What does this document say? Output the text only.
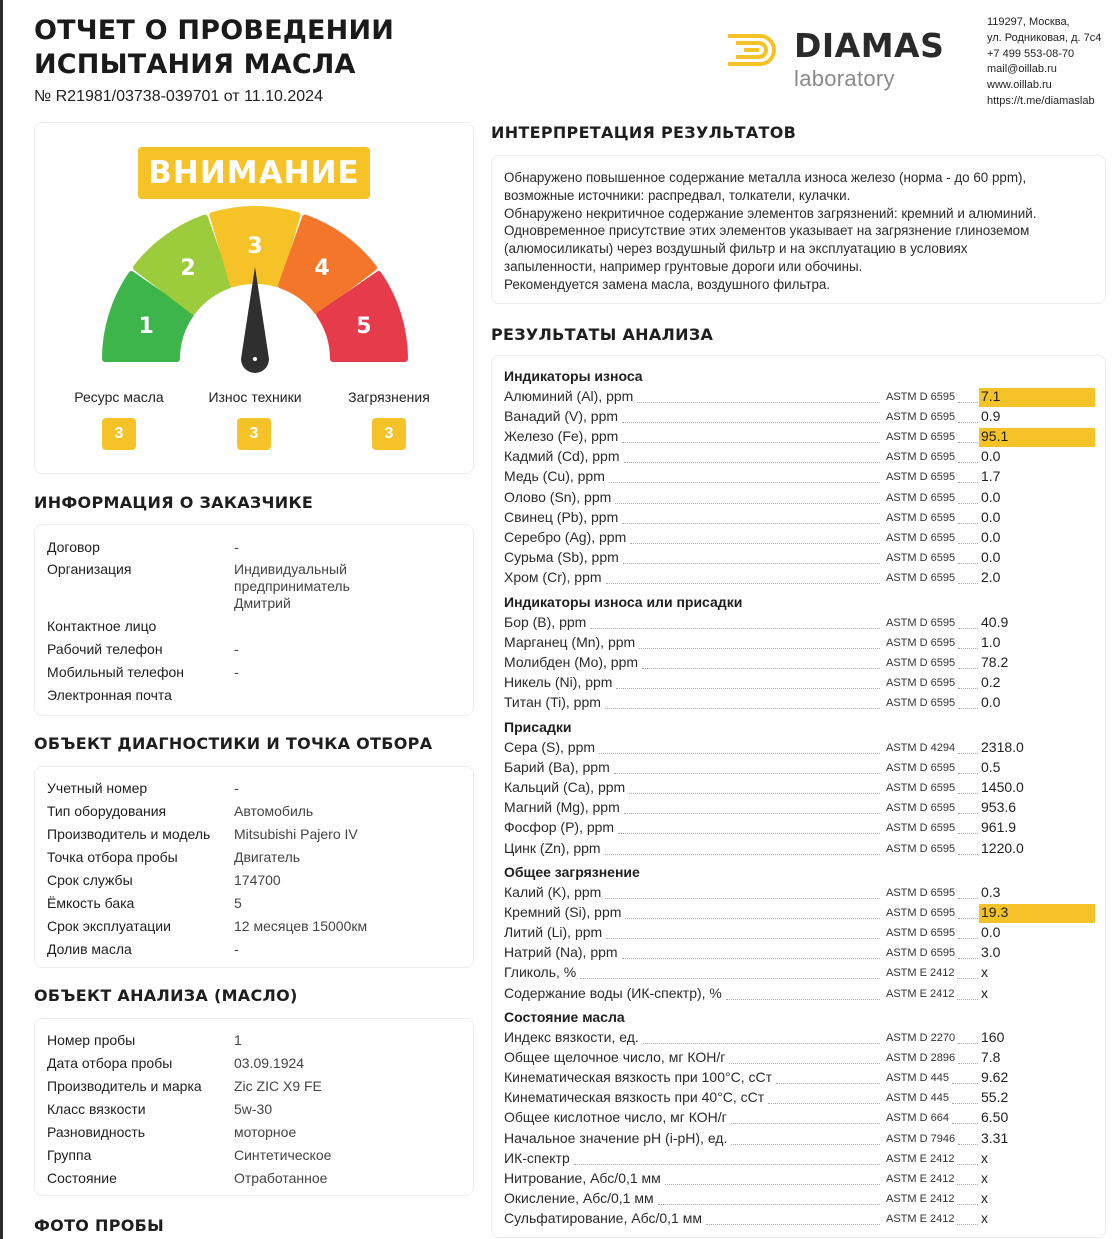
ОТЧЕТ О ПРОВЕДЕНИИ
ИСПЫТАНИЯ МАСЛА
№ R21981/03738-039701 от 11.10.2024
DIAMAS
laboratory
119297, Москва,
ул. Родниковая, д. 7с4
+7 499 553-08-70
mail@oillab.ru
www.oillab.ru
https://t.me/diamaslab
ВНИМАНИЕ
1
2
3
4
5
Ресурс масла	Износ техники	Загрязнения
3	3	3
ИНФОРМАЦИЯ О ЗАКАЗЧИКЕ
Договор	-
Организация	Индивидуальный
предприниматель
Дмитрий
Контактное лицо
Рабочий телефон	-
Мобильный телефон	-
Электронная почта
ОБЪЕКТ ДИАГНОСТИКИ И ТОЧКА ОТБОРА
Учетный номер	-
Тип оборудования	Автомобиль
Производитель и модель Mitsubishi Pajero IV
Точка отбора пробы	Двигатель
Срок службы	174700
Ёмкость бака	5
Срок эксплуатации	12 месяцев 15000км
Долив масла	-
ОБЪЕКТ АНАЛИЗА (МАСЛО)
Номер пробы	1
Дата отбора пробы	03.09.1924
Производитель и марка Zic ZIC X9 FE
Класс вязкости	5w-30
Разновидность	моторное
Группа	Синтетическое
Состояние	Отработанное
ФОТО ПРОБЫ
ИНТЕРПРЕТАЦИЯ РЕЗУЛЬТАТОВ
Обнаружено повышенное содержание металла износа железо (норма - до 60 ppm),
возможные источники: распредвал, толкатели, кулачки.
Обнаружено некритичное содержание элементов загрязнений: кремний и алюминий.
Одновременное присутствие этих элементов указывает на загрязнение глиноземом
(алюмосиликаты) через воздушный фильтр и на эксплуатацию в условиях
запыленности, например грунтовые дороги или обочины.
Рекомендуется замена масла, воздушного фильтра.
РЕЗУЛЬТАТЫ АНАЛИЗА
Индикаторы износа
Алюминий (Al), ppm	ASTM D 6595 7.1
Ванадий (V), ppm	ASTM D 6595 0.9
Железо (Fe), ppm	ASTM D 6595 95.1
Кадмий (Cd), ppm	ASTM D 6595 0.0
Медь (Cu), ppm	ASTM D 6595 1.7
Олово (Sn), ppm	ASTM D 6595 0.0
Свинец (Pb), ppm	ASTM D 6595 0.0
Серебро (Ag), ppm	ASTM D 6595 0.0
Сурьма (Sb), ppm	ASTM D 6595 0.0
Хром (Cr), ppm	ASTM D 6595 2.0
Индикаторы износа или присадки
Бор (B), ppm	ASTM D 6595 40.9
Марганец (Mn), ppm	ASTM D 6595 1.0
Молибден (Mo), ppm	ASTM D 6595 78.2
Никель (Ni), ppm	ASTM D 6595 0.2
Титан (Ti), ppm	ASTM D 6595 0.0
Присадки
Сера (S), ppm	ASTM D 4294 2318.0
Барий (Ba), ppm	ASTM D 6595 0.5
Кальций (Ca), ppm	ASTM D 6595 1450.0
Магний (Mg), ppm	ASTM D 6595 953.6
Фосфор (P), ppm	ASTM D 6595 961.9
Цинк (Zn), ppm	ASTM D 6595 1220.0
Общее загрязнение
Калий (K), ppm	ASTM D 6595 0.3
Кремний (Si), ppm	ASTM D 6595 19.3
Литий (Li), ppm	ASTM D 6595 0.0
Натрий (Na), ppm	ASTM D 6595 3.0
Гликоль, %	ASTM E 2412 x
Содержание воды (ИК-спектр), %	ASTM E 2412 x
Состояние масла
Индекс вязкости, ед.	ASTM D 2270 160
Общее щелочное число, мг КОН/г	ASTM D 2896 7.8
Кинематическая вязкость при 100°С, сСт	ASTM D 445 9.62
Кинематическая вязкость при 40°С, сСт	ASTM D 445 55.2
Общее кислотное число, мг КОН/г	ASTM D 664 6.50
Начальное значение pH (i-pH), ед.	ASTM D 7946 3.31
ИК-спектр	ASTM E 2412 x
Нитрование, Абс/0,1 мм	ASTM E 2412 x
Окисление, Абс/0,1 мм	ASTM E 2412 x
Сульфатирование, Абс/0,1 мм	ASTM E 2412 x
